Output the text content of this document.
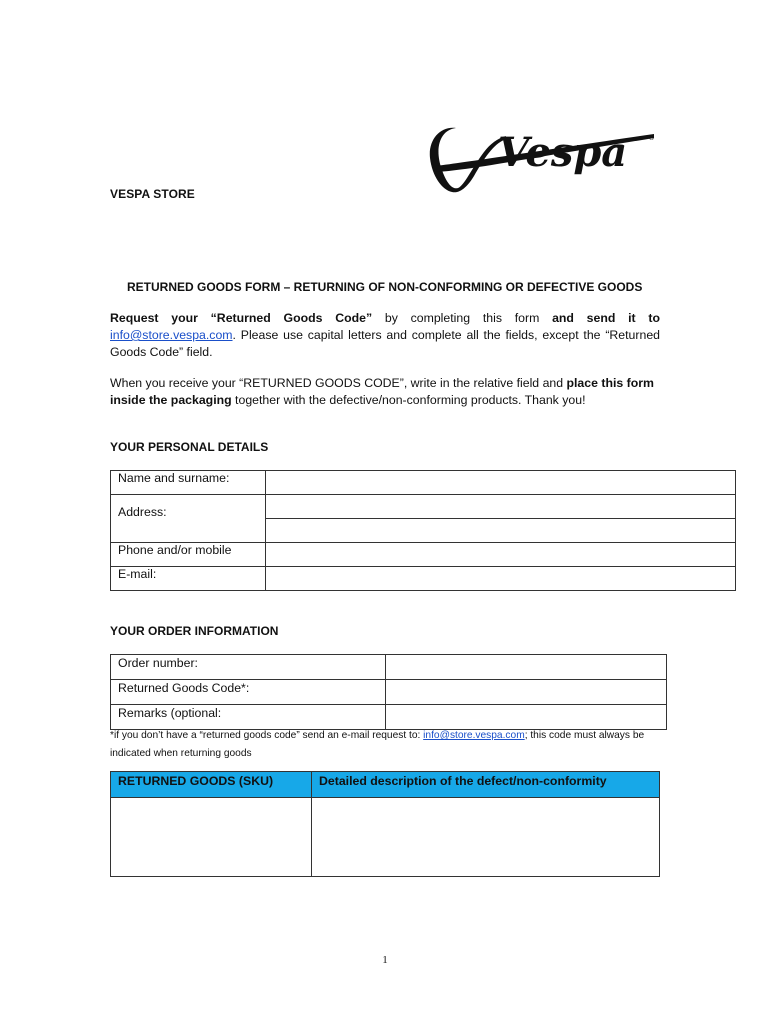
Vespa	®
VESPA STORE
RETURNED GOODS FORM – RETURNING OF NON-CONFORMING OR DEFECTIVE GOODS
Request your “Returned Goods Code” by completing this form and send it to info@store.vespa.com. Please use capital letters and complete all the fields, except the “Returned Goods Code” field.
When you receive your “RETURNED GOODS CODE”, write in the relative field and place this form inside the packaging together with the defective/non-conforming products. Thank you!
YOUR PERSONAL DETAILS
Name and surname:	
Address:	

Phone and/or mobile	
E-mail:	
YOUR ORDER INFORMATION
Order number:	
Returned Goods Code*:	
Remarks (optional:	
*if you don’t have a “returned goods code” send an e-mail request to: info@store.vespa.com; this code must always be indicated when returning goods
RETURNED GOODS (SKU)	Detailed description of the defect/non-conformity

1
